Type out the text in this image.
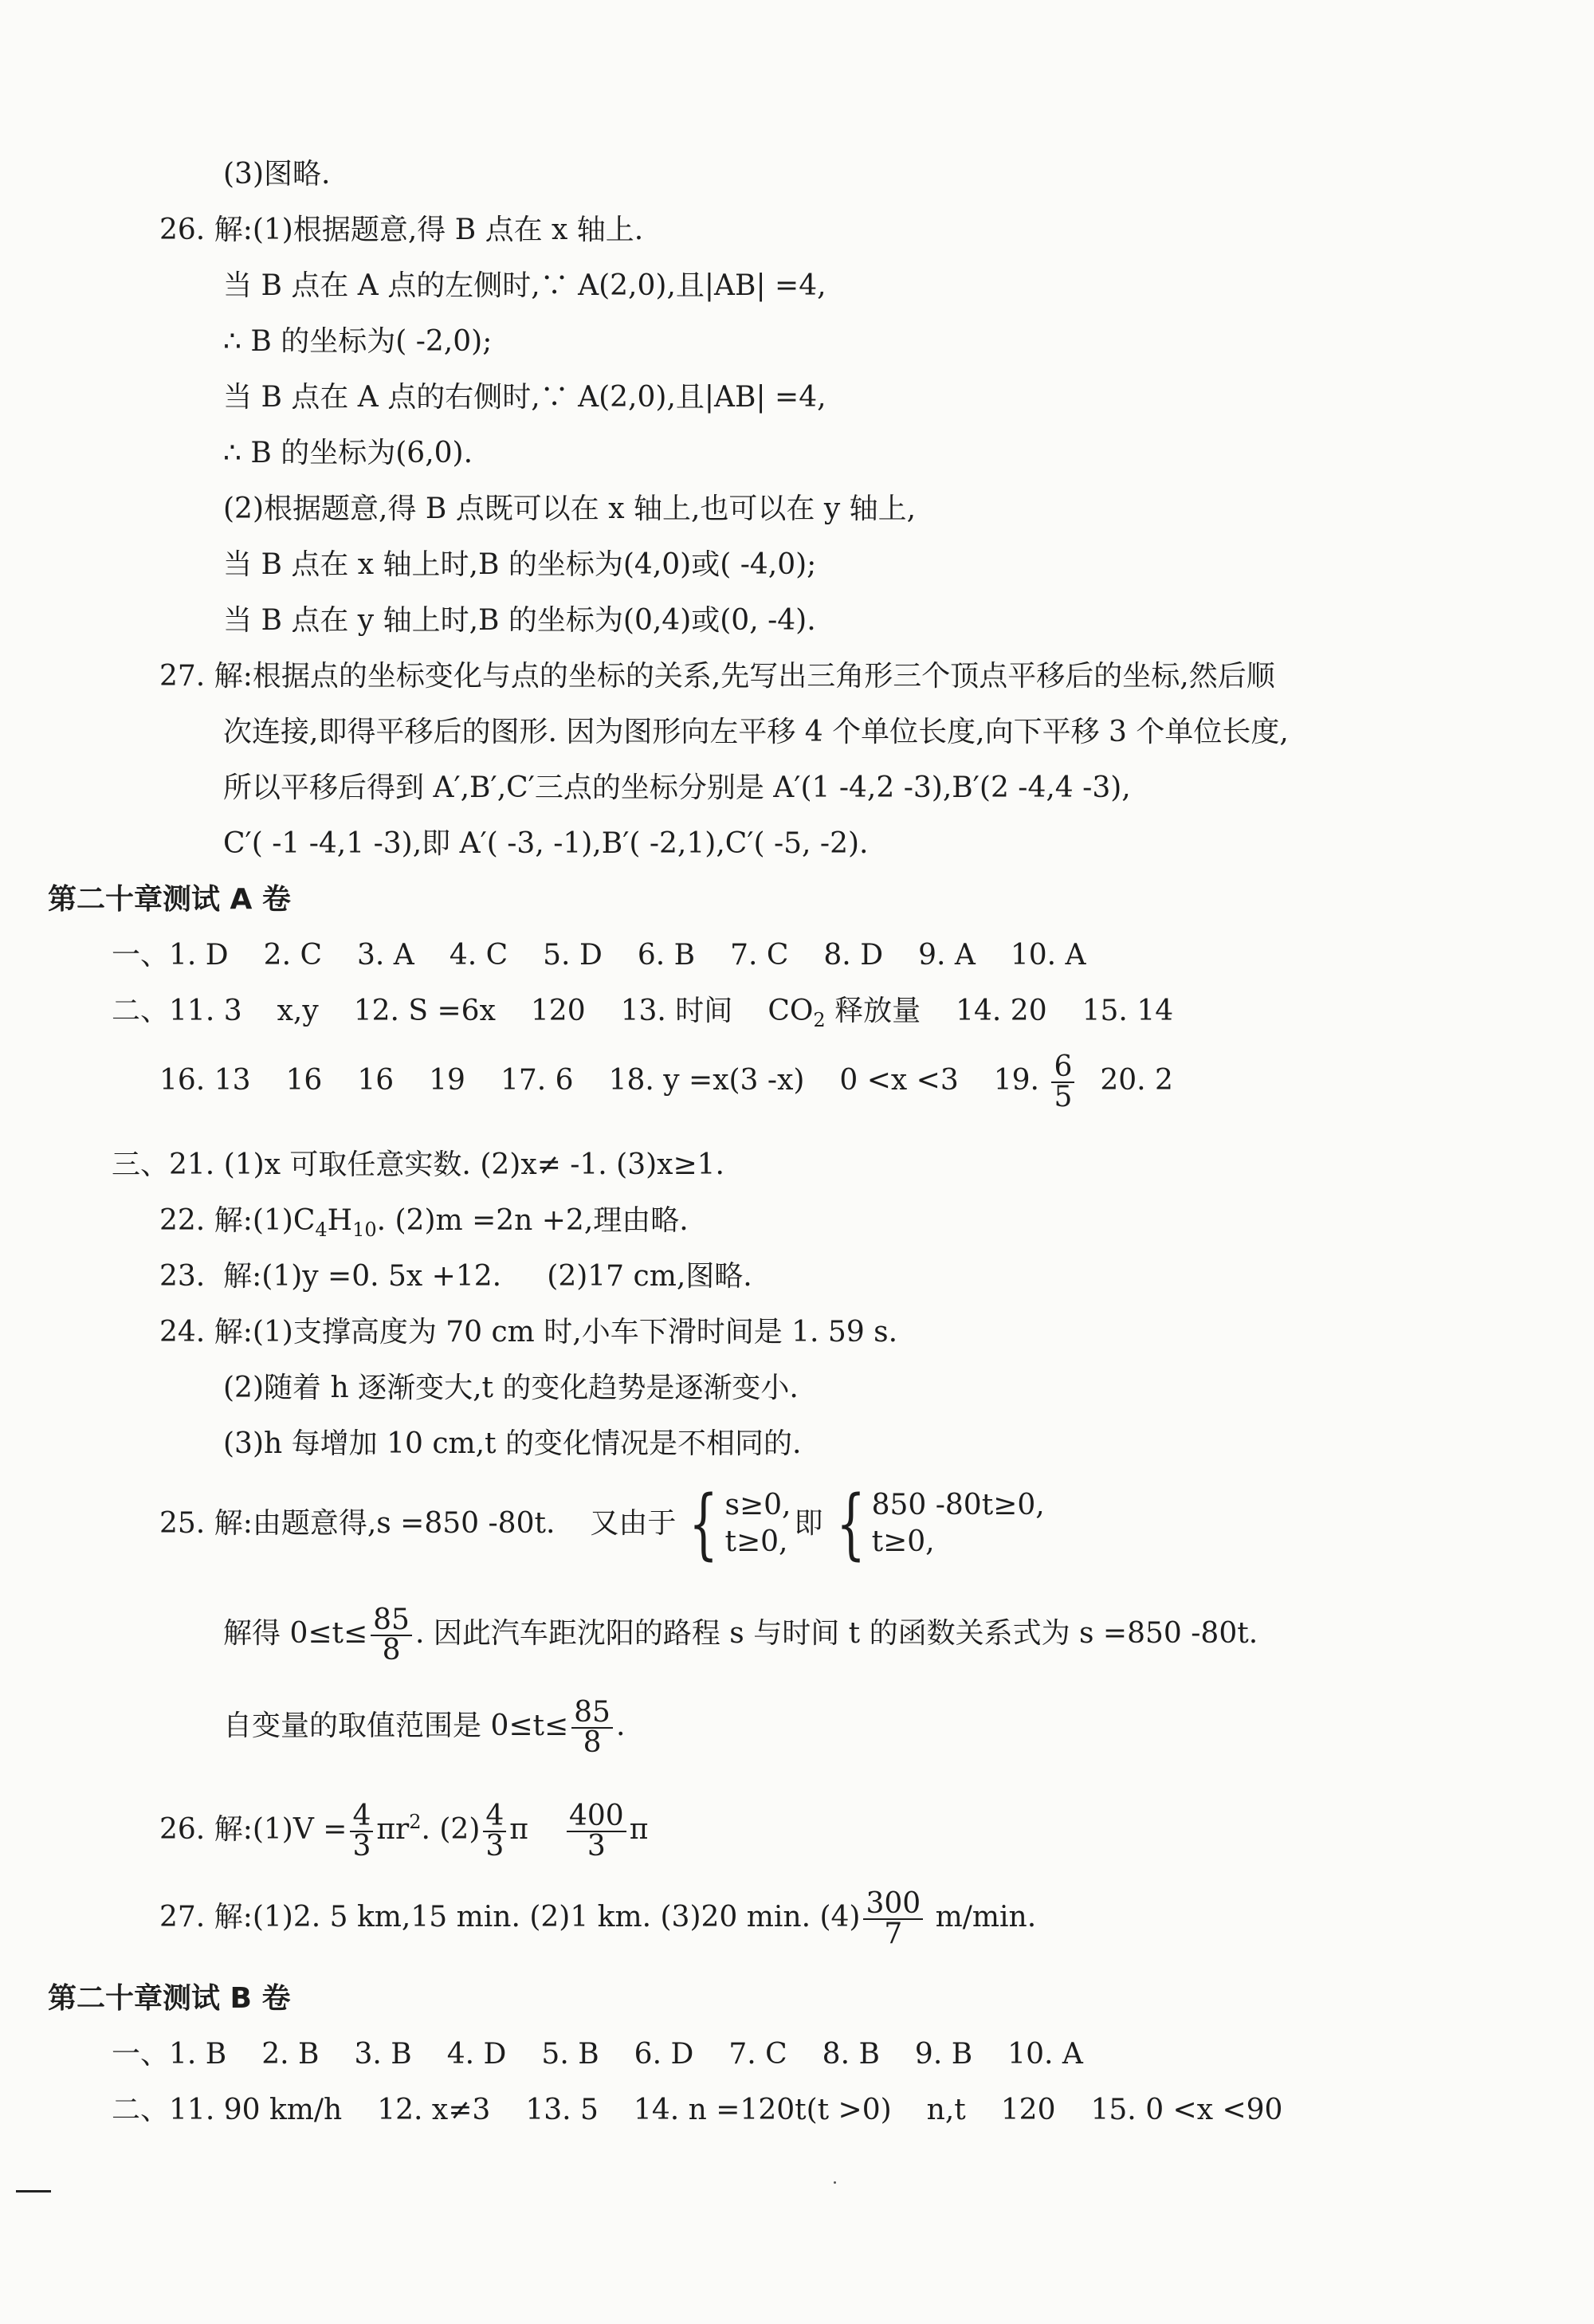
(3)图略.
26. 解:(1)根据题意,得 B 点在 x 轴上.
当 B 点在 A 点的左侧时,∵ A(2,0),且|AB| =4,
∴ B 的坐标为( -2,0);
当 B 点在 A 点的右侧时,∵ A(2,0),且|AB| =4,
∴ B 的坐标为(6,0).
(2)根据题意,得 B 点既可以在 x 轴上,也可以在 y 轴上,
当 B 点在 x 轴上时,B 的坐标为(4,0)或( -4,0);
当 B 点在 y 轴上时,B 的坐标为(0,4)或(0, -4).
27. 解:根据点的坐标变化与点的坐标的关系,先写出三角形三个顶点平移后的坐标,然后顺
次连接,即得平移后的图形. 因为图形向左平移 4 个单位长度,向下平移 3 个单位长度,
所以平移后得到 A′,B′,C′三点的坐标分别是 A′(1 -4,2 -3),B′(2 -4,4 -3),
C′( -1 -4,1 -3),即 A′( -3, -1),B′( -2,1),C′( -5, -2).
第二十章测试 A 卷
一、1. D 2. C 3. A 4. C 5. D 6. B 7. C 8. D 9. A 10. A
二、11. 3 x,y 12. S =6x 120 13. 时间 $CO_2$ 释放量 14. 20 15. 14
16. 13 16 16 19 17. 6 18. y =x(3 -x) 0 <x <3 19. $\frac{6}{5} 20$. 2
三、21. (1)x 可取任意实数. (2)x≠ -1. (3)x≥1.
22. 解$:(1)C_4H_{10}$. (2)m =2n +2,理由略.
23.  解:(1)y =0. 5x +12.     (2)17 cm,图略.
24. 解:(1)支撑高度为 70 cm 时,小车下滑时间是 1. 59 s.
(2)随着 h 逐渐变大,t 的变化趋势是逐渐变小.
(3)h 每增加 10 cm,t 的变化情况是不相同的.
25. 解:由题意得,s =850 -80t. 又由于 { s≥0,
t≥0,
即 { 850 -80t≥0,
t≥0,
解得 $0\le t\le \frac{85}{8}$ . 因此汽车距沈阳的路程 s 与时间 t 的函数关系式为 s =850 -80t.
自变量的取值范围是 $0\le t\le \frac{85}{8}$ .
26. 解:(1)V = $\frac{4}{3} \pi r^2$. $(2) \frac{4}{3}$ π $\frac{400}{3}$ π
27. 解:(1)2. 5 km,15 min. (2)1 km. (3)20 min. $(4) \frac{300}{7} m/\min$.
第二十章测试 B 卷
一、1. B 2. B 3. B 4. D 5. B 6. D 7. C 8. B 9. B 10. A
二、11. 90 km/h 12. x≠3 13. 5 14. n =120t(t >0) n,t 120 15. 0 <x <90
